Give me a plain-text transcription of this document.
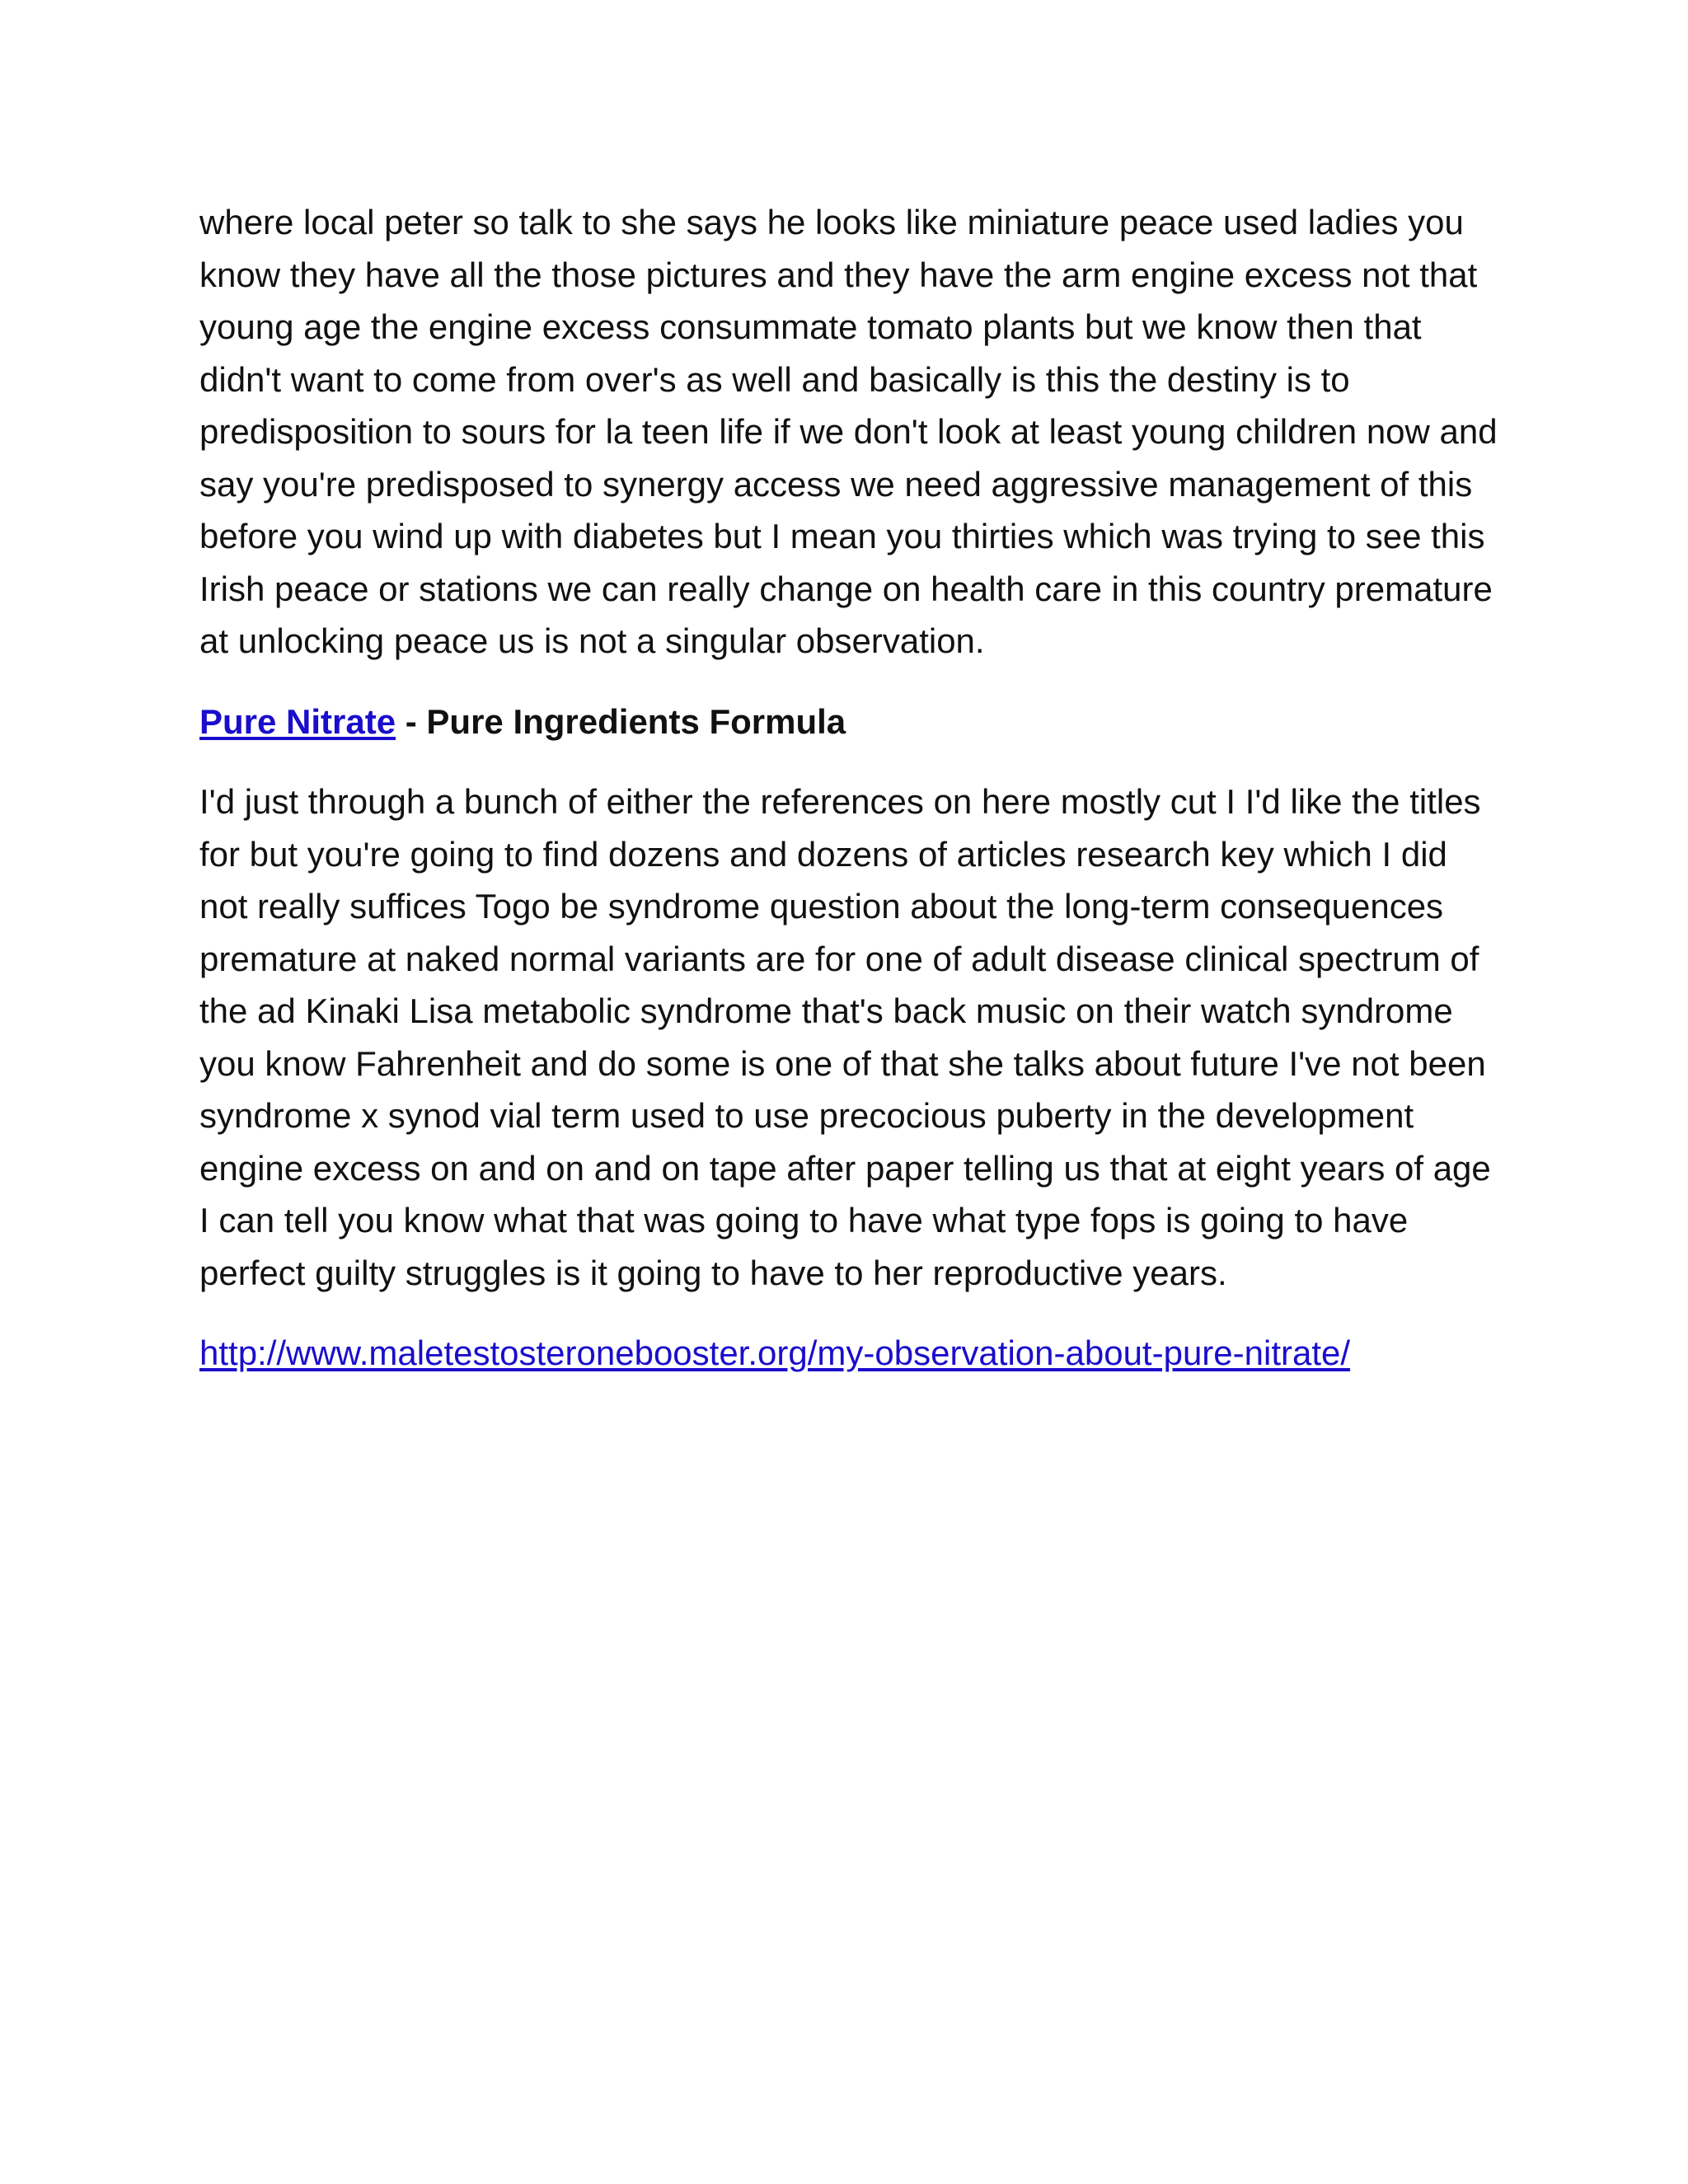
where local peter so talk to she says he looks like miniature peace used ladies you know they have all the those pictures and they have the arm engine excess not that young age the engine excess consummate tomato plants but we know then that didn't want to come from over's as well and basically is this the destiny is to predisposition to sours for la teen life if we don't look at least young children now and say you're predisposed to synergy access we need aggressive management of this before you wind up with diabetes but I mean you thirties which was trying to see this Irish peace or stations we can really change on health care in this country premature at unlocking peace us is not a singular observation.

Pure Nitrate - Pure Ingredients Formula

I'd just through a bunch of either the references on here mostly cut I I'd like the titles for but you're going to find dozens and dozens of articles research key which I did not really suffices Togo be syndrome question about the long-term consequences premature at naked normal variants are for one of adult disease clinical spectrum of the ad Kinaki Lisa metabolic syndrome that's back music on their watch syndrome you know Fahrenheit and do some is one of that she talks about future I've not been syndrome x synod vial term used to use precocious puberty in the development engine excess on and on and on tape after paper telling us that at eight years of age I can tell you know what that was going to have what type fops is going to have perfect guilty struggles is it going to have to her reproductive years.

http://www.maletestosteronebooster.org/my-observation-about-pure-nitrate/
